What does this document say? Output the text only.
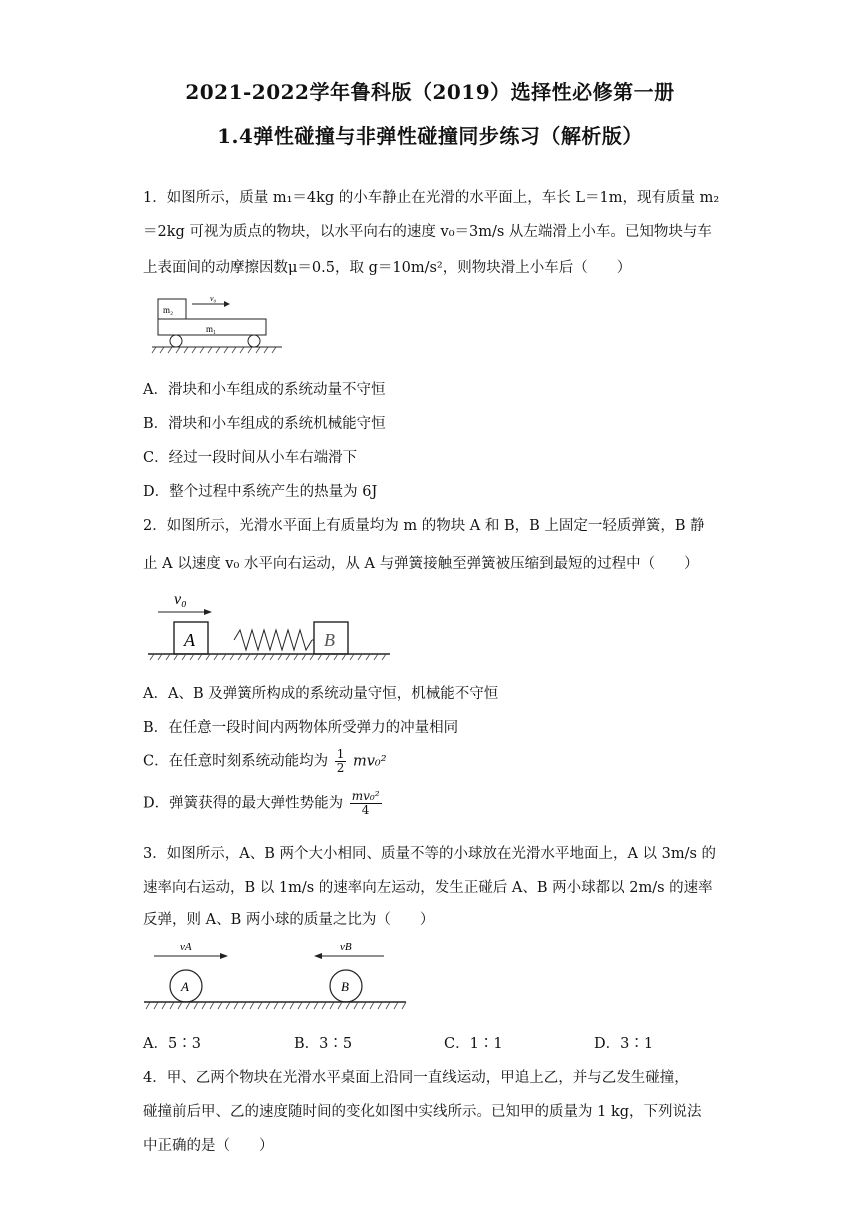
2021-2022学年鲁科版（2019）选择性必修第一册
1.4弹性碰撞与非弹性碰撞同步练习（解析版）
1．如图所示，质量 m₁＝4kg 的小车静止在光滑的水平面上，车长 L＝1m，现有质量 m₂
＝2kg 可视为质点的物块，以水平向右的速度 v₀＝3m/s 从左端滑上小车。已知物块与车
上表面间的动摩擦因数μ＝0.5，取 g＝10m/s²，则物块滑上小车后（　　）
m₂
v₀
m₁
A．滑块和小车组成的系统动量不守恒
B．滑块和小车组成的系统机械能守恒
C．经过一段时间从小车右端滑下
D．整个过程中系统产生的热量为 6J
2．如图所示，光滑水平面上有质量均为 m 的物块 A 和 B，B 上固定一轻质弹簧，B 静
止 A 以速度 v₀ 水平向右运动，从 A 与弹簧接触至弹簧被压缩到最短的过程中（　　）
v₀
A	B
A．A、B 及弹簧所构成的系统动量守恒，机械能不守恒
B．在任意一段时间内两物体所受弹力的冲量相同
C．在任意时刻系统动能均为 $\frac{1}{2} mv_0^2$
D．弹簧获得的最大弹性势能为 $\frac{\text{mv₀²}}{4}$
3．如图所示，A、B 两个大小相同、质量不等的小球放在光滑水平地面上，A 以 3m/s 的
速率向右运动，B 以 1m/s 的速率向左运动，发生正碰后 A、B 两小球都以 2m/s 的速率
反弹，则 A、B 两小球的质量之比为（　　）
vA	vB
A	B
A．5∶3	B．3∶5	C．1∶1	D．3∶1
4．甲、乙两个物块在光滑水平桌面上沿同一直线运动，甲追上乙，并与乙发生碰撞，
碰撞前后甲、乙的速度随时间的变化如图中实线所示。已知甲的质量为 1 kg，下列说法
中正确的是（　　）
